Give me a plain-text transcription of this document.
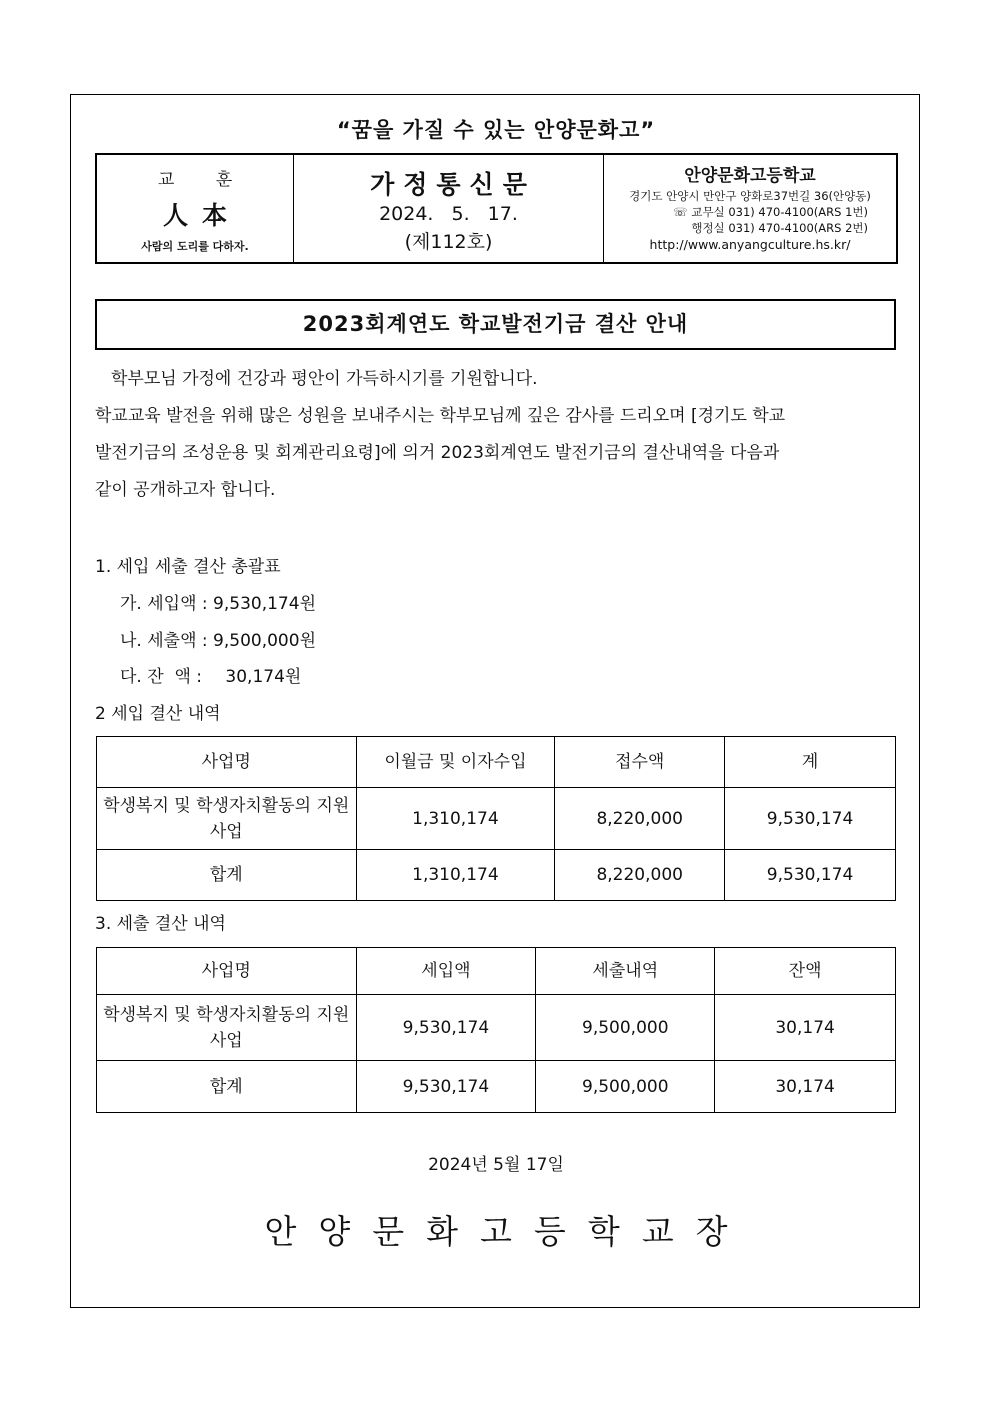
“꿈을 가질 수 있는 안양문화고”
교 훈
人本
사람의 도리를 다하자.
가정통신문
2024. 5. 17.
(제112호)
안양문화고등학교
경기도 안양시 만안구 양화로37번길 36(안양동)
☏ 교무실 031) 470-4100(ARS 1번)
행정실 031) 470-4100(ARS 2번)
http://www.anyangculture.hs.kr/
2023회계연도 학교발전기금 결산 안내
학부모님 가정에 건강과 평안이 가득하시기를 기원합니다.
학교교육 발전을 위해 많은 성원을 보내주시는 학부모님께 깊은 감사를 드리오며 [경기도 학교
발전기금의 조성운용 및 회계관리요령]에 의거 2023회계연도 발전기금의 결산내역을 다음과
같이 공개하고자 합니다.
1. 세입 세출 결산 총괄표
가. 세입액 : 9,530,174원
나. 세출액 : 9,500,000원
다. 잔  액 : 30,174원
2 세입 결산 내역
사업명	이월금 및 이자수입	접수액	계
학생복지 및 학생자치활동의 지원사업	1,310,174	8,220,000	9,530,174
합계	1,310,174	8,220,000	9,530,174
3. 세출 결산 내역
사업명	세입액	세출내역	잔액
학생복지 및 학생자치활동의 지원사업	9,530,174	9,500,000	30,174
합계	9,530,174	9,500,000	30,174
2024년 5월 17일
안양문화고등학교장
